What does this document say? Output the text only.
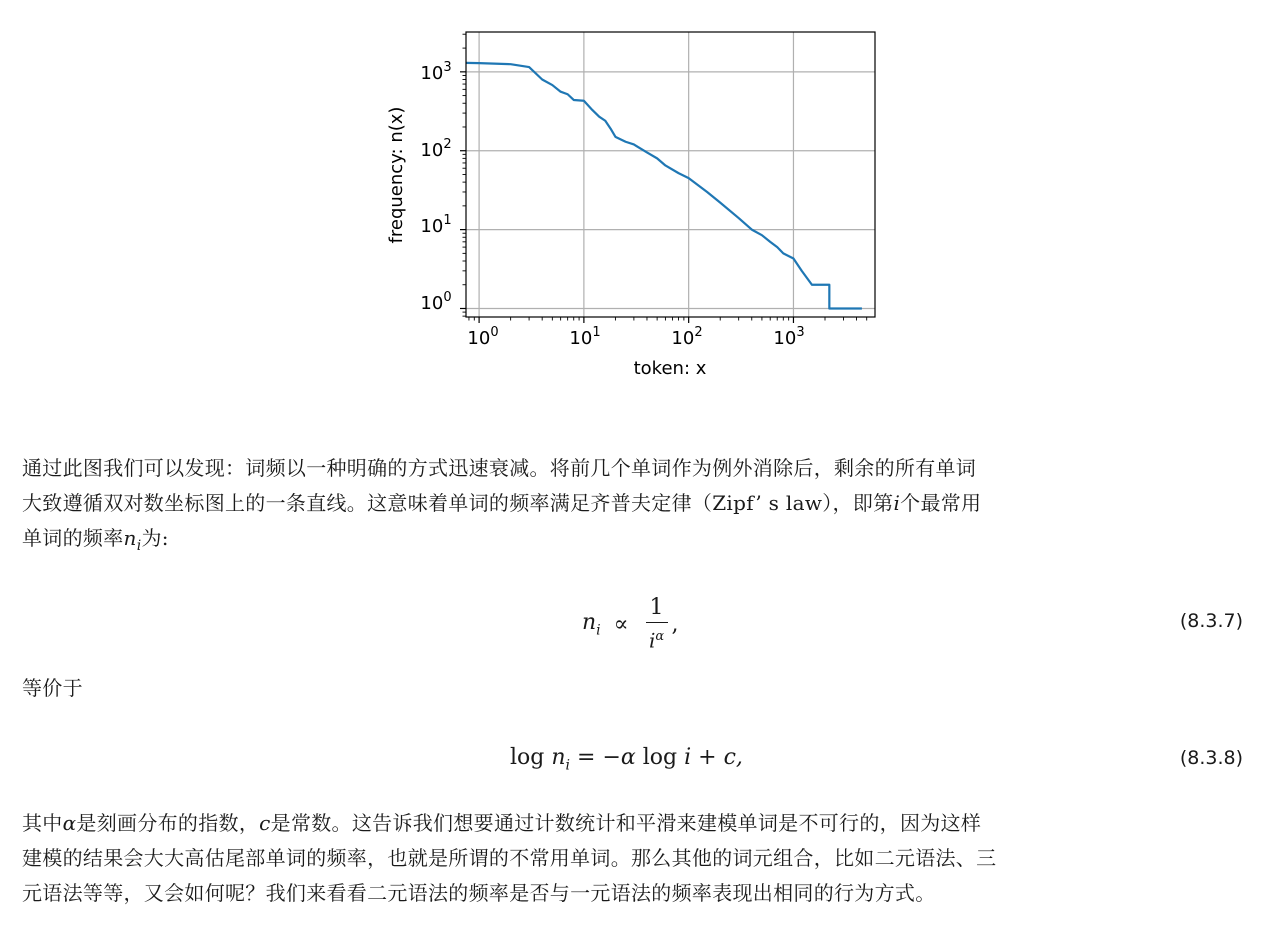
$10^0$	$10^1$	$10^2$	$10^3$
$10^0$
$10^1$
$10^2$
$10^3$
token: x
frequency: n(x)

通过此图我们可以发现：词频以一种明确的方式迅速衰减。将前几个单词作为例外消除后，剩余的所有单词
大致遵循双对数坐标图上的一条直线。这意味着单词的频率满足齐普夫定律（Zipf’ s law），即第i个最常用
单词的频率$n_i$为:

$n_i \propto \frac{1}{i^\alpha}$ ,	(8.3.7)

等价于

$\log n_i = -\alpha$ log i + c,	(8.3.8)

其中α是刻画分布的指数，c是常数。这告诉我们想要通过计数统计和平滑来建模单词是不可行的，因为这样
建模的结果会大大高估尾部单词的频率，也就是所谓的不常用单词。那么其他的词元组合，比如二元语法、三
元语法等等，又会如何呢？我们来看看二元语法的频率是否与一元语法的频率表现出相同的行为方式。
